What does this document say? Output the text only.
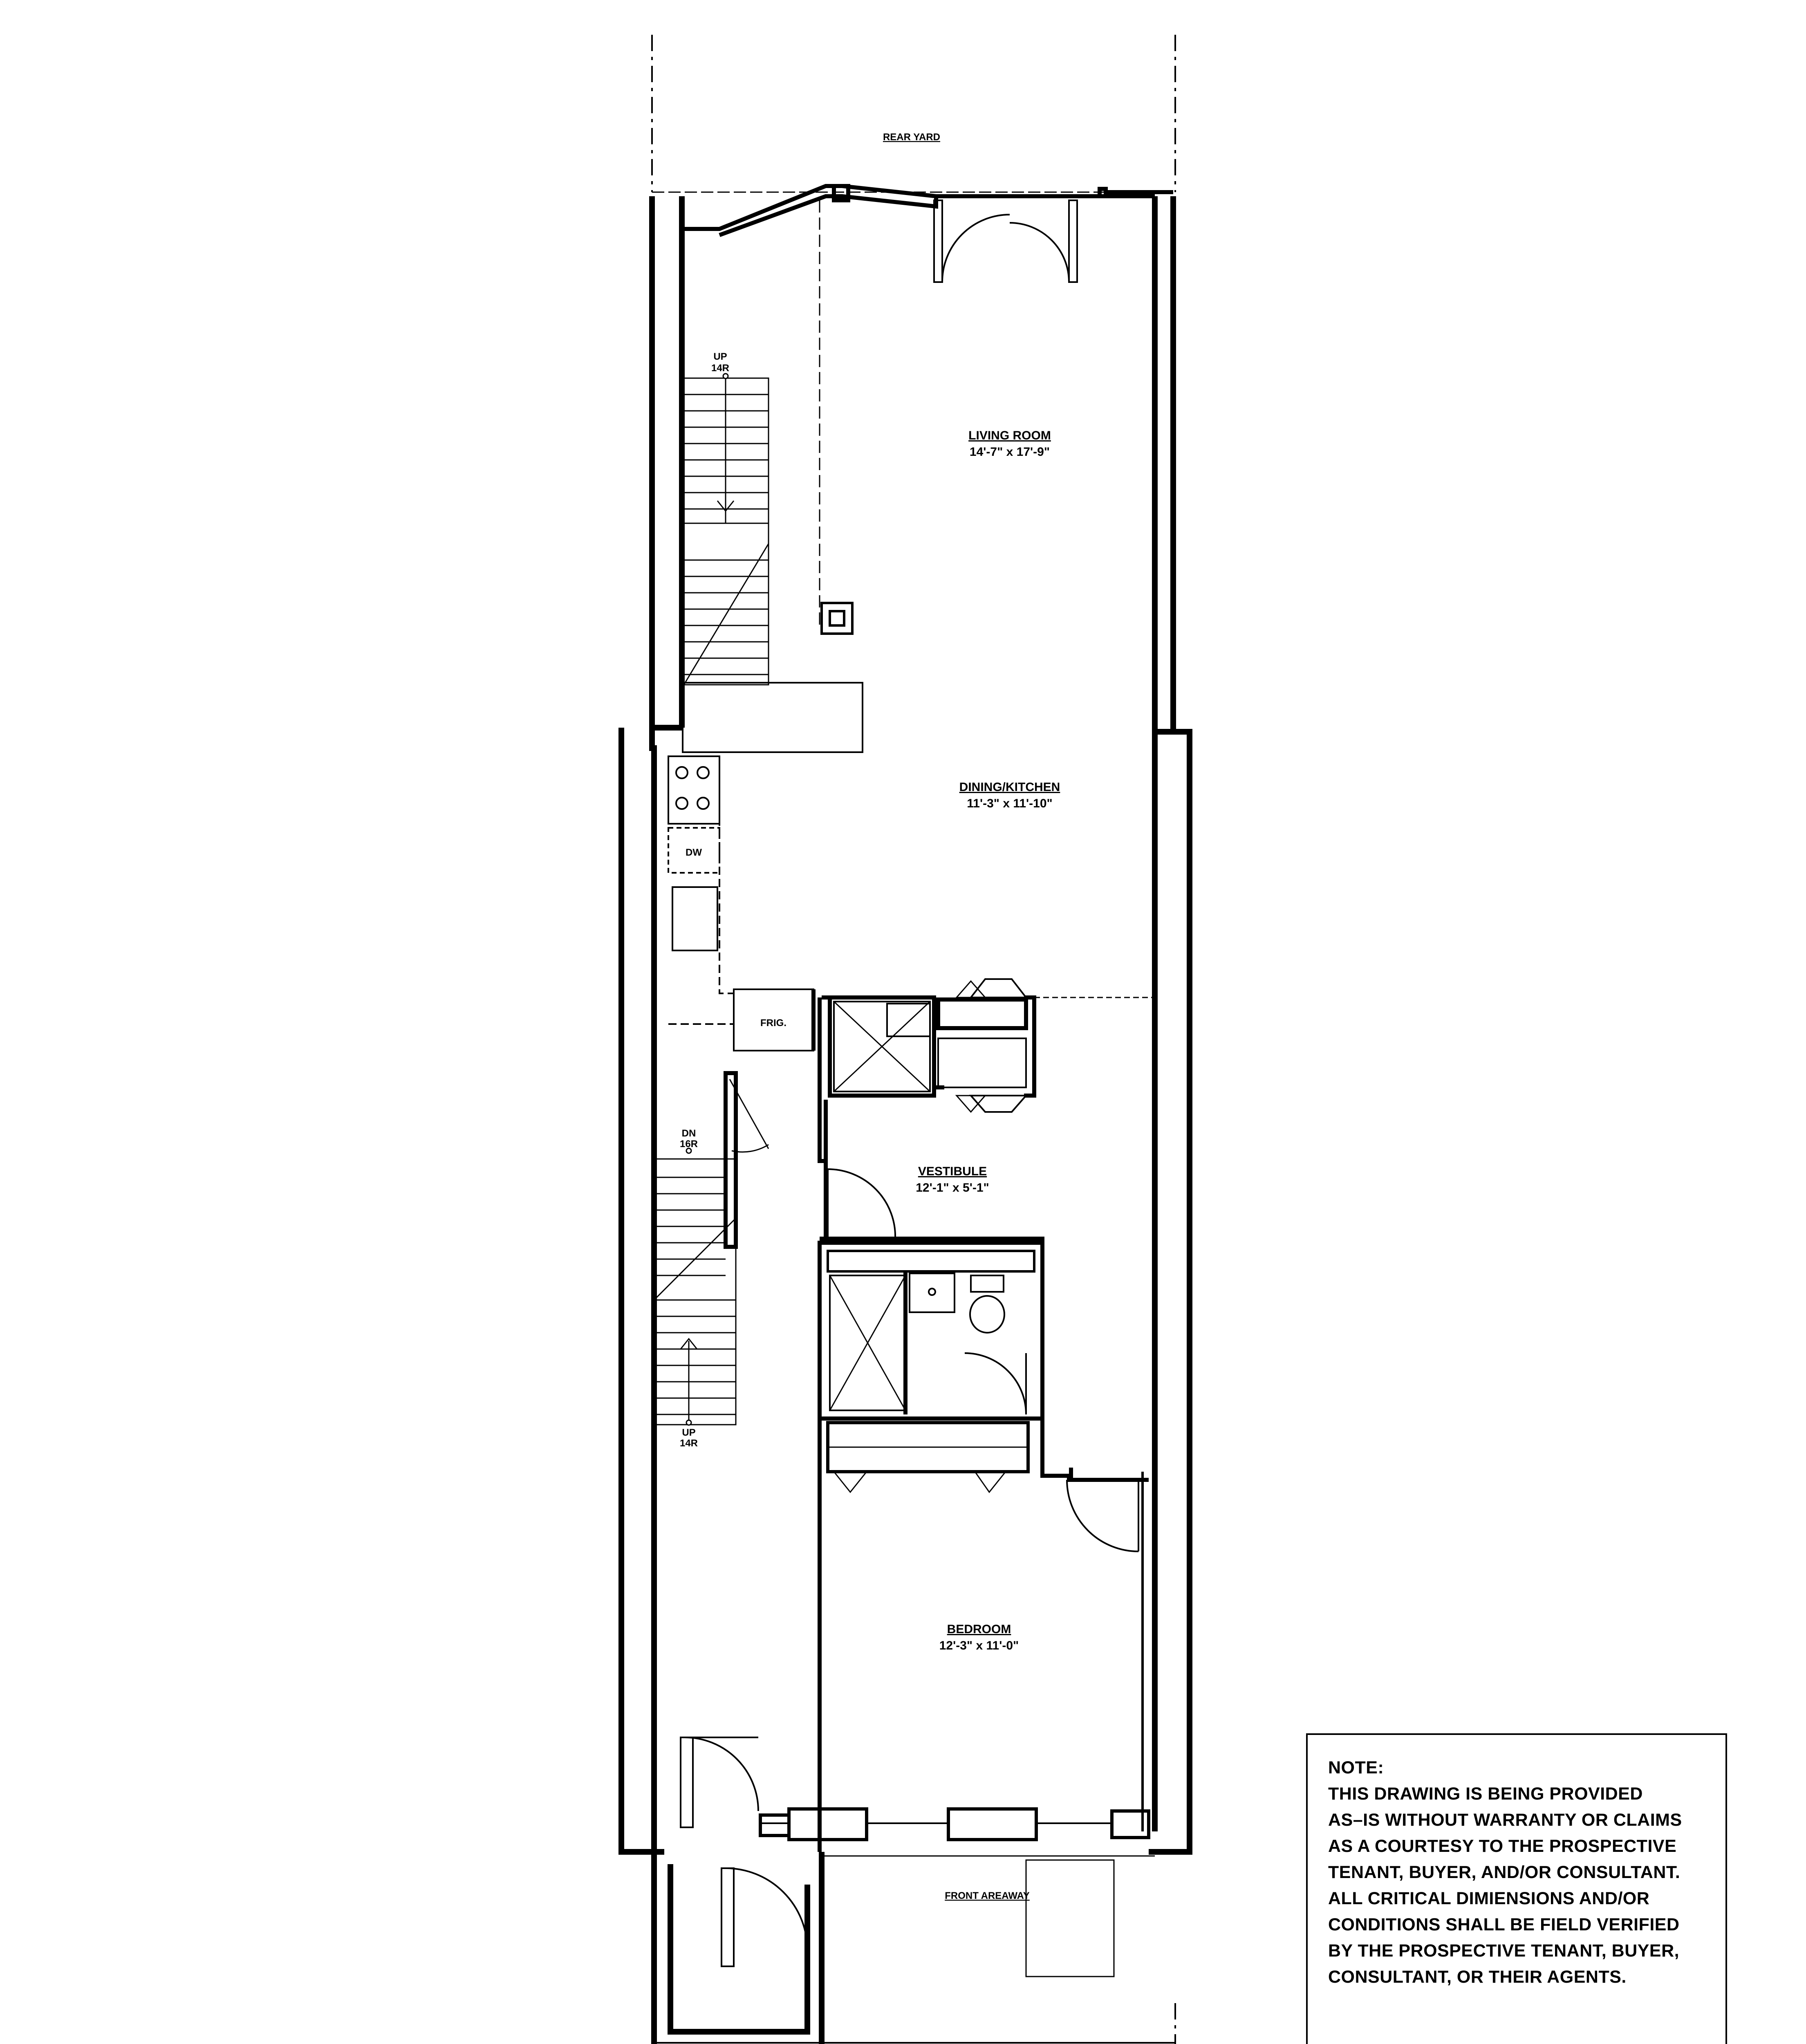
REAR YARD
LIVING ROOM
14'-7" x 17'-9"
DINING/KITCHEN
11'-3" x 11'-10"
VESTIBULE
12'-1" x 5'-1"
BEDROOM
12'-3" x 11'-0"
FRONT AREAWAY
UP
14R
DN
16R
UP
14R
DW
FRIG.
NOTE:
THIS DRAWING IS BEING PROVIDED
AS–IS WITHOUT WARRANTY OR CLAIMS
AS A COURTESY TO THE PROSPECTIVE
TENANT, BUYER, AND/OR CONSULTANT.
ALL CRITICAL DIMIENSIONS AND/OR
CONDITIONS SHALL BE FIELD VERIFIED
BY THE PROSPECTIVE TENANT, BUYER,
CONSULTANT, OR THEIR AGENTS.
